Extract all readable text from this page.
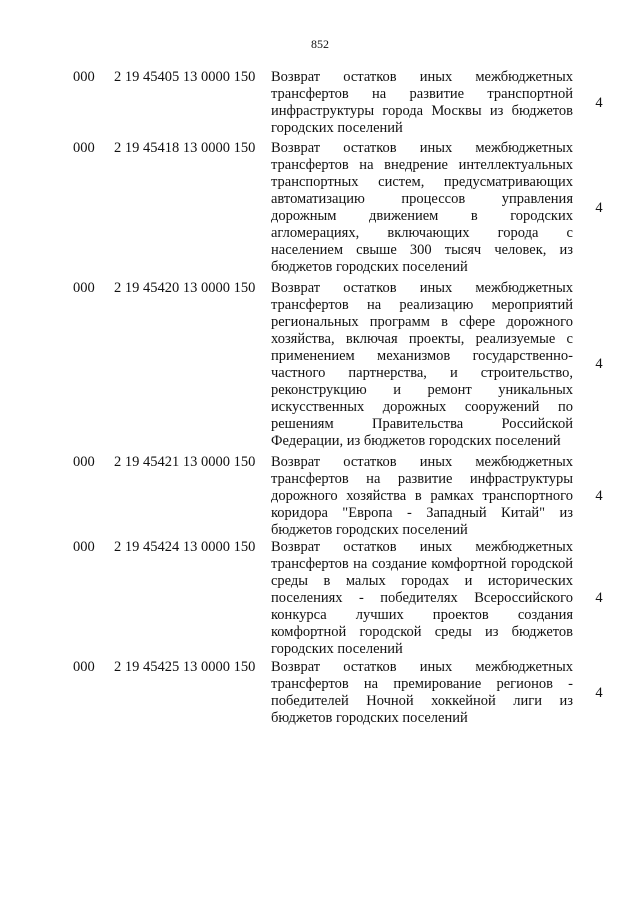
852
000 2 19 45405 13 0000 150 Возврат остатков иных межбюджетных трансфертов на развитие транспортной инфраструктуры города Москвы из бюджетов городских поселений
4
000 2 19 45418 13 0000 150 Возврат остатков иных межбюджетных трансфертов на внедрение интеллектуальных транспортных систем, предусматривающих автоматизацию процессов управления дорожным движением в городских агломерациях, включающих города с населением свыше 300 тысяч человек, из бюджетов городских поселений
4
000 2 19 45420 13 0000 150 Возврат остатков иных межбюджетных трансфертов на реализацию мероприятий региональных программ в сфере дорожного хозяйства, включая проекты, реализуемые с применением механизмов государственно-частного партнерства, и строительство, реконструкцию и ремонт уникальных искусственных дорожных сооружений по решениям Правительства Российской Федерации, из бюджетов городских поселений
4
000 2 19 45421 13 0000 150 Возврат остатков иных межбюджетных трансфертов на развитие инфраструктуры дорожного хозяйства в рамках транспортного коридора "Европа - Западный Китай" из бюджетов городских поселений
4
000 2 19 45424 13 0000 150 Возврат остатков иных межбюджетных трансфертов на создание комфортной городской среды в малых городах и исторических поселениях - победителях Всероссийского конкурса лучших проектов создания комфортной городской среды из бюджетов городских поселений
4
000 2 19 45425 13 0000 150 Возврат остатков иных межбюджетных трансфертов на премирование регионов - победителей Ночной хоккейной лиги из бюджетов городских поселений
4
